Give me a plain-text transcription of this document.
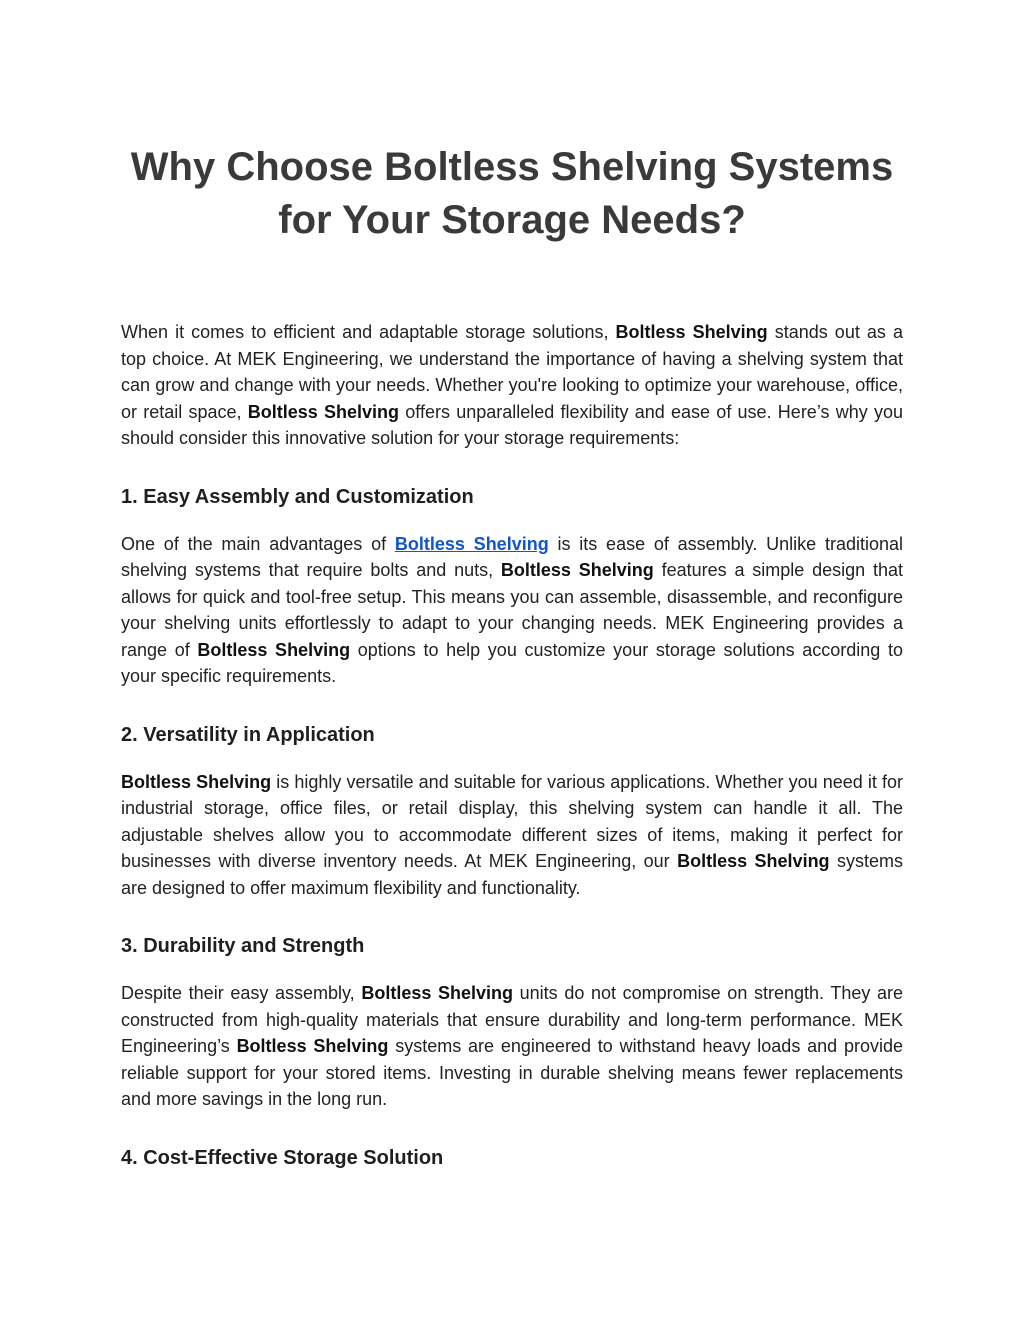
Why Choose Boltless Shelving Systems
for Your Storage Needs?

When it comes to efficient and adaptable storage solutions, Boltless Shelving stands out as a top choice. At MEK Engineering, we understand the importance of having a shelving system that can grow and change with your needs. Whether you're looking to optimize your warehouse, office, or retail space, Boltless Shelving offers unparalleled flexibility and ease of use. Here’s why you should consider this innovative solution for your storage requirements:

1. Easy Assembly and Customization

One of the main advantages of Boltless Shelving is its ease of assembly. Unlike traditional shelving systems that require bolts and nuts, Boltless Shelving features a simple design that allows for quick and tool-free setup. This means you can assemble, disassemble, and reconfigure your shelving units effortlessly to adapt to your changing needs. MEK Engineering provides a range of Boltless Shelving options to help you customize your storage solutions according to your specific requirements.

2. Versatility in Application

Boltless Shelving is highly versatile and suitable for various applications. Whether you need it for industrial storage, office files, or retail display, this shelving system can handle it all. The adjustable shelves allow you to accommodate different sizes of items, making it perfect for businesses with diverse inventory needs. At MEK Engineering, our Boltless Shelving systems are designed to offer maximum flexibility and functionality.

3. Durability and Strength

Despite their easy assembly, Boltless Shelving units do not compromise on strength. They are constructed from high-quality materials that ensure durability and long-term performance. MEK Engineering’s Boltless Shelving systems are engineered to withstand heavy loads and provide reliable support for your stored items. Investing in durable shelving means fewer replacements and more savings in the long run.

4. Cost-Effective Storage Solution
